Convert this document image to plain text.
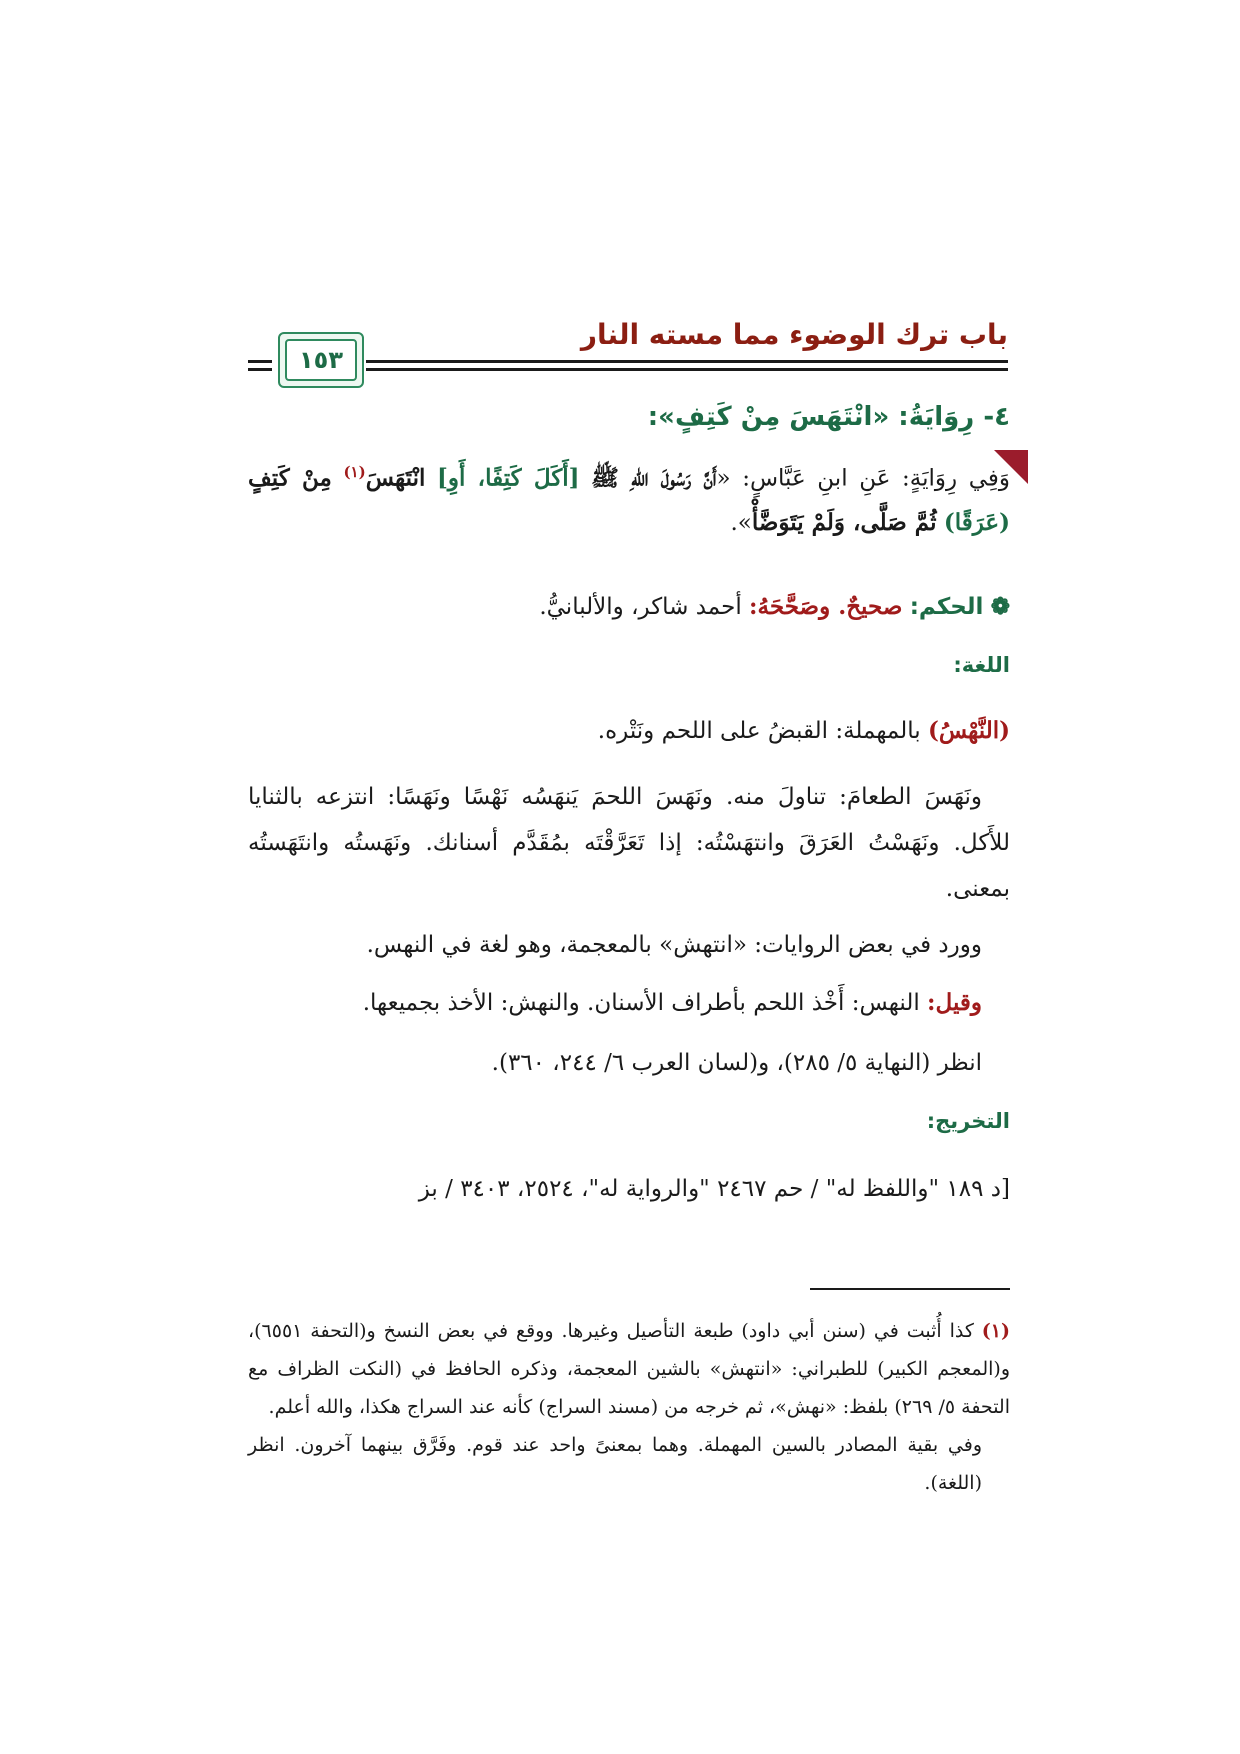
باب ترك الوضوء مما مسته النار
١٥٣

٤- رِوَايَةُ: «انْتَهَسَ مِنْ كَتِفٍ»:

وَفِي رِوَايَةٍ: عَنِ ابنِ عَبَّاسٍ: «أَنَّ رَسُولَ اللهِ ﷺ [أَكَلَ كَتِفًا، أَوِ] انْتَهَسَ$^{(١)}$ مِنْ كَتِفٍ (عَرَقًا) ثُمَّ صَلَّى، وَلَمْ يَتَوَضَّأْ».

❁ الحكم: صحيحٌ. وصَحَّحَهُ: أحمد شاكر، والألبانيُّ.

اللغة:

(النَّهْسُ) بالمهملة: القبضُ على اللحم ونَتْره.

ونَهَسَ الطعامَ: تناولَ منه. ونَهَسَ اللحمَ يَنهَسُه نَهْسًا ونَهَسًا: انتزعه بالثنايا للأَكل. ونَهَسْتُ العَرَقَ وانتهَسْتُه: إذا تَعَرَّقْتَه بمُقَدَّم أسنانك. ونَهَستُه وانتَهَستُه بمعنى.

وورد في بعض الروايات: «انتهش» بالمعجمة، وهو لغة في النهس.

وقيل: النهس: أَخْذ اللحم بأطراف الأسنان. والنهش: الأخذ بجميعها.

انظر (النهاية ٥/ ٢٨٥)، و(لسان العرب ٦/ ٢٤٤، ٣٦٠).

التخريج:

[د ١٨٩ "واللفظ له" / حم ٢٤٦٧ "والرواية له"، ٢٥٢٤، ٣٤٠٣ / بز

(١) كذا أُثبت في (سنن أبي داود) طبعة التأصيل وغيرها. ووقع في بعض النسخ و(التحفة ٦٥٥١)، و(المعجم الكبير) للطبراني: «انتهش» بالشين المعجمة، وذكره الحافظ في (النكت الظراف مع التحفة ٥/ ٢٦٩) بلفظ: «نهش»، ثم خرجه من (مسند السراج) كأنه عند السراج هكذا، والله أعلم.

وفي بقية المصادر بالسين المهملة. وهما بمعنىً واحد عند قوم. وفَرَّق بينهما آخرون. انظر (اللغة).
